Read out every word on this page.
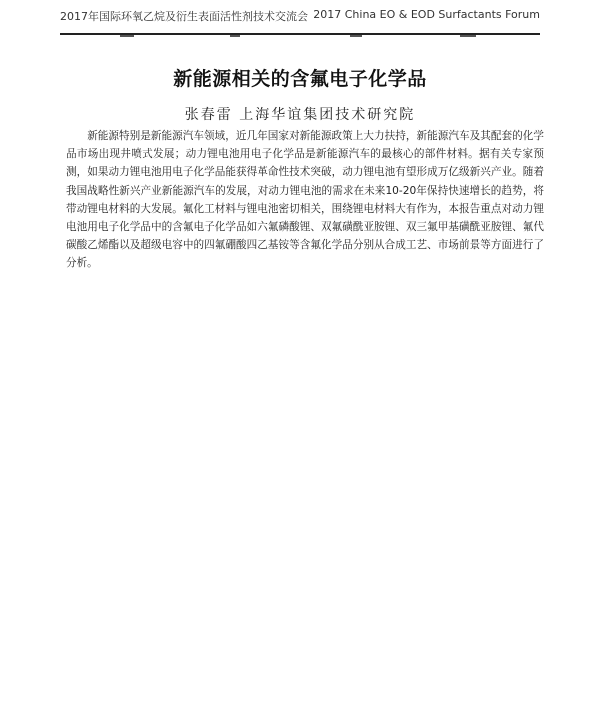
2017年国际环氧乙烷及衍生表面活性剂技术交流会 2017 China EO & EOD Surfactants Forum
新能源相关的含氟电子化学品
张春雷 上海华谊集团技术研究院

新能源特别是新能源汽车领域，近几年国家对新能源政策上大力扶持，新能源汽车及其配套的化学品市场出现井喷式发展；动力锂电池用电子化学品是新能源汽车的最核心的部件材料。据有关专家预测，如果动力锂电池用电子化学品能获得革命性技术突破，动力锂电池有望形成万亿级新兴产业。随着我国战略性新兴产业新能源汽车的发展，对动力锂电池的需求在未来10-20年保持快速增长的趋势，将带动锂电材料的大发展。氟化工材料与锂电池密切相关，围绕锂电材料大有作为，本报告重点对动力锂电池用电子化学品中的含氟电子化学品如六氟磷酸锂、双氟磺酰亚胺锂、双三氟甲基磺酰亚胺锂、氟代碳酸乙烯酯以及超级电容中的四氟硼酸四乙基铵等含氟化学品分别从合成工艺、市场前景等方面进行了分析。
